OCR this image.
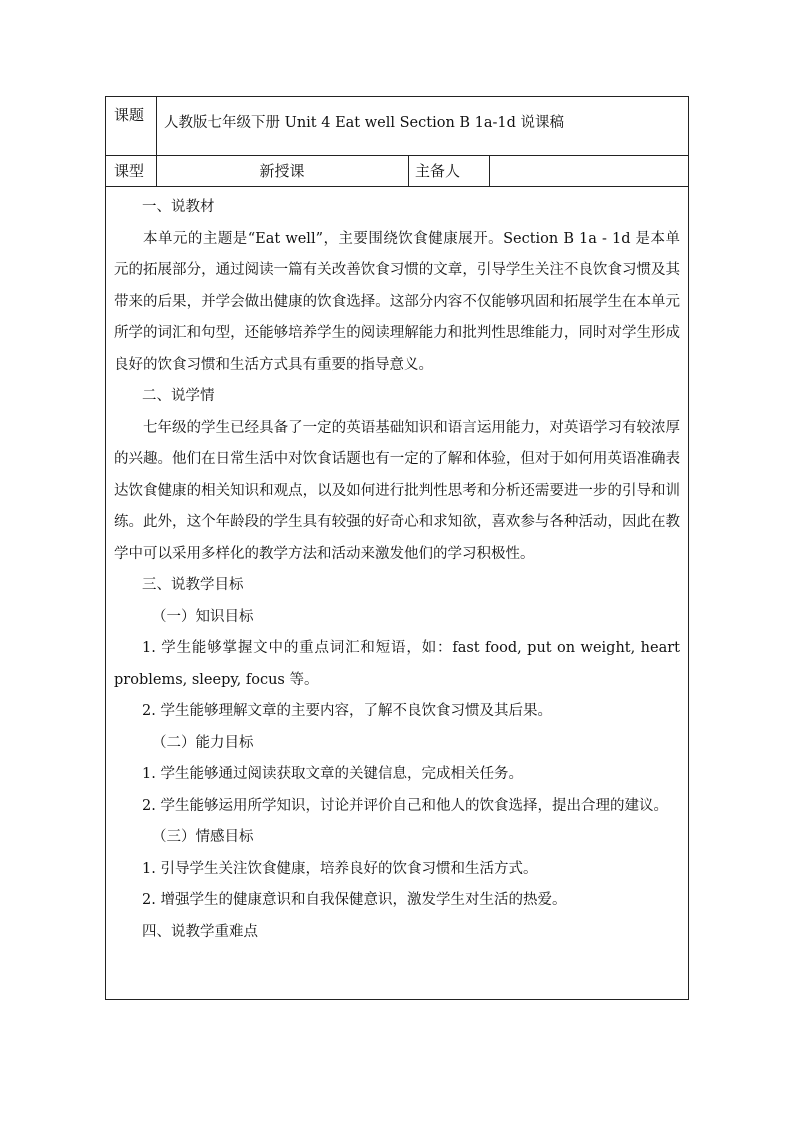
课题 人教版七年级下册 Unit 4 Eat well Section B 1a-1d 说课稿
课型	新授课	主备人

一、说教材

本单元的主题是“Eat well”，主要围绕饮食健康展开。Section B 1a - 1d 是本单元的拓展部分，通过阅读一篇有关改善饮食习惯的文章，引导学生关注不良饮食习惯及其带来的后果，并学会做出健康的饮食选择。这部分内容不仅能够巩固和拓展学生在本单元所学的词汇和句型，还能够培养学生的阅读理解能力和批判性思维能力，同时对学生形成良好的饮食习惯和生活方式具有重要的指导意义。

二、说学情

七年级的学生已经具备了一定的英语基础知识和语言运用能力，对英语学习有较浓厚的兴趣。他们在日常生活中对饮食话题也有一定的了解和体验，但对于如何用英语准确表达饮食健康的相关知识和观点，以及如何进行批判性思考和分析还需要进一步的引导和训练。此外，这个年龄段的学生具有较强的好奇心和求知欲，喜欢参与各种活动，因此在教学中可以采用多样化的教学方法和活动来激发他们的学习积极性。

三、说教学目标

（一）知识目标

1. 学生能够掌握文中的重点词汇和短语，如：fast food, put on weight, heart problems, sleepy, focus 等。

2. 学生能够理解文章的主要内容，了解不良饮食习惯及其后果。

（二）能力目标

1. 学生能够通过阅读获取文章的关键信息，完成相关任务。

2. 学生能够运用所学知识，讨论并评价自己和他人的饮食选择，提出合理的建议。

（三）情感目标

1. 引导学生关注饮食健康，培养良好的饮食习惯和生活方式。

2. 增强学生的健康意识和自我保健意识，激发学生对生活的热爱。

四、说教学重难点
